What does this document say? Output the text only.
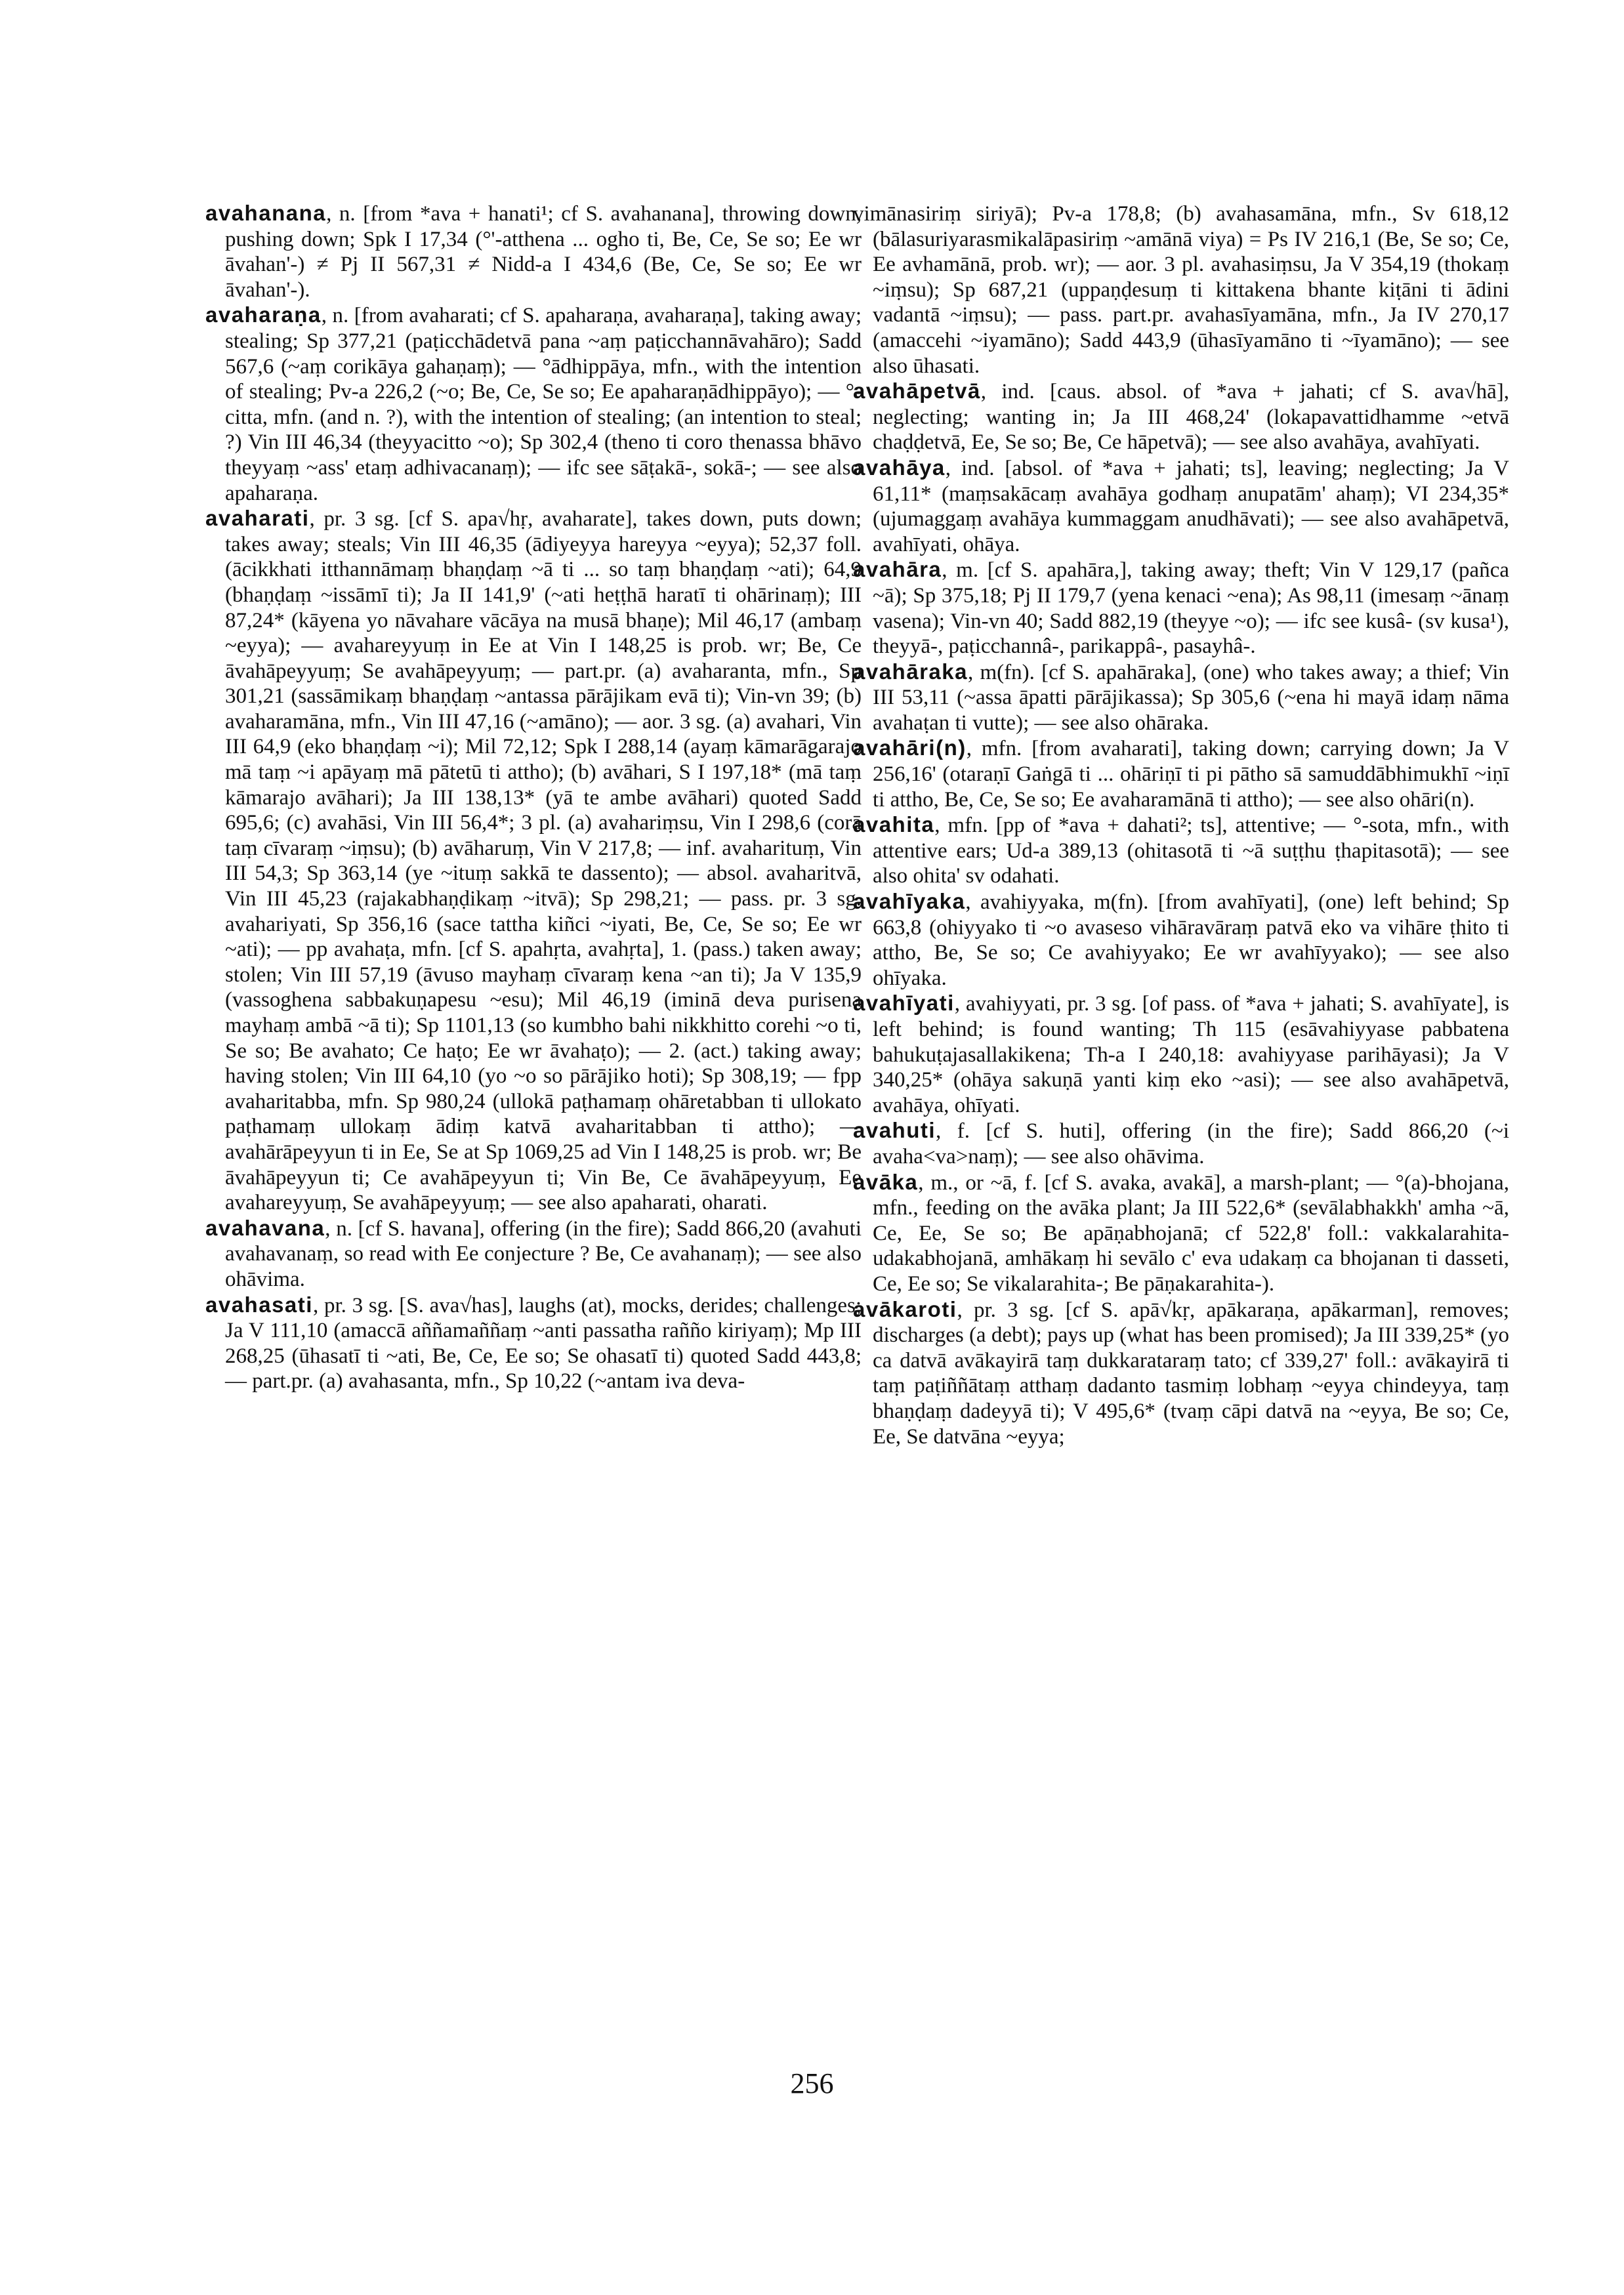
avahanana, n. [from *ava + hanati¹; cf S. avahanana], throwing down, pushing down; Spk I 17,34 (°'-atthena ... ogho ti, Be, Ce, Se so; Ee wr āvahan'-) ≠ Pj II 567,31 ≠ Nidd-a I 434,6 (Be, Ce, Se so; Ee wr āvahan'-).

avaharaṇa, n. [from avaharati; cf S. apaharaṇa, avaharaṇa], taking away; stealing; Sp 377,21 (paṭicchādetvā pana ~aṃ paṭicchannāvahāro); Sadd 567,6 (~aṃ corikāya gahaṇaṃ); — °ādhippāya, mfn., with the intention of stealing; Pv-a 226,2 (~o; Be, Ce, Se so; Ee apaharaṇādhippāyo); — °-citta, mfn. (and n. ?), with the intention of stealing; (an intention to steal; ?) Vin III 46,34 (theyyacitto ~o); Sp 302,4 (theno ti coro thenassa bhāvo theyyaṃ ~ass' etaṃ adhivacanaṃ); — ifc see sāṭakā-, sokā-; — see also apaharaṇa.

avaharati, pr. 3 sg. [cf S. apa√hṛ, avaharate], takes down, puts down; takes away; steals; Vin III 46,35 (ādiyeyya hareyya ~eyya); 52,37 foll. (ācikkhati itthannāmaṃ bhaṇḍaṃ ~ā ti ... so taṃ bhaṇḍaṃ ~ati); 64,9 (bhaṇḍaṃ ~issāmī ti); Ja II 141,9' (~ati heṭṭhā haratī ti ohārinaṃ); III 87,24* (kāyena yo nāvahare vācāya na musā bhaṇe); Mil 46,17 (ambaṃ ~eyya); — avahareyyuṃ in Ee at Vin I 148,25 is prob. wr; Be, Ce āvahāpeyyuṃ; Se avahāpeyyuṃ; — part.pr. (a) avaharanta, mfn., Sp 301,21 (sassāmikaṃ bhaṇḍaṃ ~antassa pārājikam evā ti); Vin-vn 39; (b) avaharamāna, mfn., Vin III 47,16 (~amāno); — aor. 3 sg. (a) avahari, Vin III 64,9 (eko bhaṇḍaṃ ~i); Mil 72,12; Spk I 288,14 (ayaṃ kāmarāgarajo mā taṃ ~i apāyaṃ mā pātetū ti attho); (b) avāhari, S I 197,18* (mā taṃ kāmarajo avāhari); Ja III 138,13* (yā te ambe avāhari) quoted Sadd 695,6; (c) avahāsi, Vin III 56,4*; 3 pl. (a) avahariṃsu, Vin I 298,6 (corā taṃ cīvaraṃ ~iṃsu); (b) avāharuṃ, Vin V 217,8; — inf. avaharituṃ, Vin III 54,3; Sp 363,14 (ye ~ituṃ sakkā te dassento); — absol. avaharitvā, Vin III 45,23 (rajakabhaṇḍikaṃ ~itvā); Sp 298,21; — pass. pr. 3 sg. avahariyati, Sp 356,16 (sace tattha kiñci ~iyati, Be, Ce, Se so; Ee wr ~ati); — pp avahaṭa, mfn. [cf S. apahṛta, avahṛta], 1. (pass.) taken away; stolen; Vin III 57,19 (āvuso mayhaṃ cīvaraṃ kena ~an ti); Ja V 135,9 (vassoghena sabbakuṇapesu ~esu); Mil 46,19 (iminā deva purisena mayhaṃ ambā ~ā ti); Sp 1101,13 (so kumbho bahi nikkhitto corehi ~o ti, Se so; Be avahato; Ce haṭo; Ee wr āvahaṭo); — 2. (act.) taking away; having stolen; Vin III 64,10 (yo ~o so pārājiko hoti); Sp 308,19; — fpp avaharitabba, mfn. Sp 980,24 (ullokā paṭhamaṃ ohāretabban ti ullokato paṭhamaṃ ullokaṃ ādiṃ katvā avaharitabban ti attho); — avahārāpeyyun ti in Ee, Se at Sp 1069,25 ad Vin I 148,25 is prob. wr; Be āvahāpeyyun ti; Ce avahāpeyyun ti; Vin Be, Ce āvahāpeyyuṃ, Ee avahareyyuṃ, Se avahāpeyyuṃ; — see also apaharati, oharati.

avahavana, n. [cf S. havana], offering (in the fire); Sadd 866,20 (avahuti avahavanaṃ, so read with Ee conjecture ? Be, Ce avahanaṃ); — see also ohāvima.

avahasati, pr. 3 sg. [S. ava√has], laughs (at), mocks, derides; challenges; Ja V 111,10 (amaccā aññamaññaṃ ~anti passatha rañño kiriyaṃ); Mp III 268,25 (ūhasatī ti ~ati, Be, Ce, Ee so; Se ohasatī ti) quoted Sadd 443,8; — part.pr. (a) avahasanta, mfn., Sp 10,22 (~antam iva deva-

vimānasiriṃ siriyā); Pv-a 178,8; (b) avahasamāna, mfn., Sv 618,12 (bālasuriyarasmikalāpasiriṃ ~amānā viya) = Ps IV 216,1 (Be, Se so; Ce, Ee avhamānā, prob. wr); — aor. 3 pl. avahasiṃsu, Ja V 354,19 (thokaṃ ~iṃsu); Sp 687,21 (uppaṇḍesuṃ ti kittakena bhante kiṭāni ti ādini vadantā ~iṃsu); — pass. part.pr. avahasīyamāna, mfn., Ja IV 270,17 (amaccehi ~iyamāno); Sadd 443,9 (ūhasīyamāno ti ~īyamāno); — see also ūhasati.

avahāpetvā, ind. [caus. absol. of *ava + jahati; cf S. ava√hā], neglecting; wanting in; Ja III 468,24' (lokapavattidhamme ~etvā chaḍḍetvā, Ee, Se so; Be, Ce hāpetvā); — see also avahāya, avahīyati.

avahāya, ind. [absol. of *ava + jahati; ts], leaving; neglecting; Ja V 61,11* (maṃsakācaṃ avahāya godhaṃ anupatām' ahaṃ); VI 234,35* (ujumaggaṃ avahāya kummaggam anudhāvati); — see also avahāpetvā, avahīyati, ohāya.

avahāra, m. [cf S. apahāra,], taking away; theft; Vin V 129,17 (pañca ~ā); Sp 375,18; Pj II 179,7 (yena kenaci ~ena); As 98,11 (imesaṃ ~ānaṃ vasena); Vin-vn 40; Sadd 882,19 (theyye ~o); — ifc see kusâ- (sv kusa¹), theyyā-, paṭicchannâ-, parikappâ-, pasayhâ-.

avahāraka, m(fn). [cf S. apahāraka], (one) who takes away; a thief; Vin III 53,11 (~assa āpatti pārājikassa); Sp 305,6 (~ena hi mayā idaṃ nāma avahaṭan ti vutte); — see also ohāraka.

avahāri(n), mfn. [from avaharati], taking down; carrying down; Ja V 256,16' (otaraṇī Gaṅgā ti ... ohāriṇī ti pi pātho sā samuddābhimukhī ~iṇī ti attho, Be, Ce, Se so; Ee avaharamānā ti attho); — see also ohāri(n).

avahita, mfn. [pp of *ava + dahati²; ts], attentive; — °-sota, mfn., with attentive ears; Ud-a 389,13 (ohitasotā ti ~ā suṭṭhu ṭhapitasotā); — see also ohita' sv odahati.

avahīyaka, avahiyyaka, m(fn). [from avahīyati], (one) left behind; Sp 663,8 (ohiyyako ti ~o avaseso vihāravāraṃ patvā eko va vihāre ṭhito ti attho, Be, Se so; Ce avahiyyako; Ee wr avahīyyako); — see also ohīyaka.

avahīyati, avahiyyati, pr. 3 sg. [of pass. of *ava + jahati; S. avahīyate], is left behind; is found wanting; Th 115 (esāvahiyyase pabbatena bahukuṭajasallakikena; Th-a I 240,18: avahiyyase parihāyasi); Ja V 340,25* (ohāya sakuṇā yanti kiṃ eko ~asi); — see also avahāpetvā, avahāya, ohīyati.

avahuti, f. [cf S. huti], offering (in the fire); Sadd 866,20 (~i avaha<va>naṃ); — see also ohāvima.

avāka, m., or ~ā, f. [cf S. avaka, avakā], a marsh-plant; — °(a)-bhojana, mfn., feeding on the avāka plant; Ja III 522,6* (sevālabhakkh' amha ~ā, Ce, Ee, Se so; Be apāṇabhojanā; cf 522,8' foll.: vakkalarahita-udakabhojanā, amhākaṃ hi sevālo c' eva udakaṃ ca bhojanan ti dasseti, Ce, Ee so; Se vikalarahita-; Be pāṇakarahita-).

avākaroti, pr. 3 sg. [cf S. apā√kṛ, apākaraṇa, apākarman], removes; discharges (a debt); pays up (what has been promised); Ja III 339,25* (yo ca datvā avākayirā taṃ dukkarataraṃ tato; cf 339,27' foll.: avākayirā ti taṃ paṭiññātaṃ atthaṃ dadanto tasmiṃ lobhaṃ ~eyya chindeyya, taṃ bhaṇḍaṃ dadeyyā ti); V 495,6* (tvaṃ cāpi datvā na ~eyya, Be so; Ce, Ee, Se datvāna ~eyya;

256
